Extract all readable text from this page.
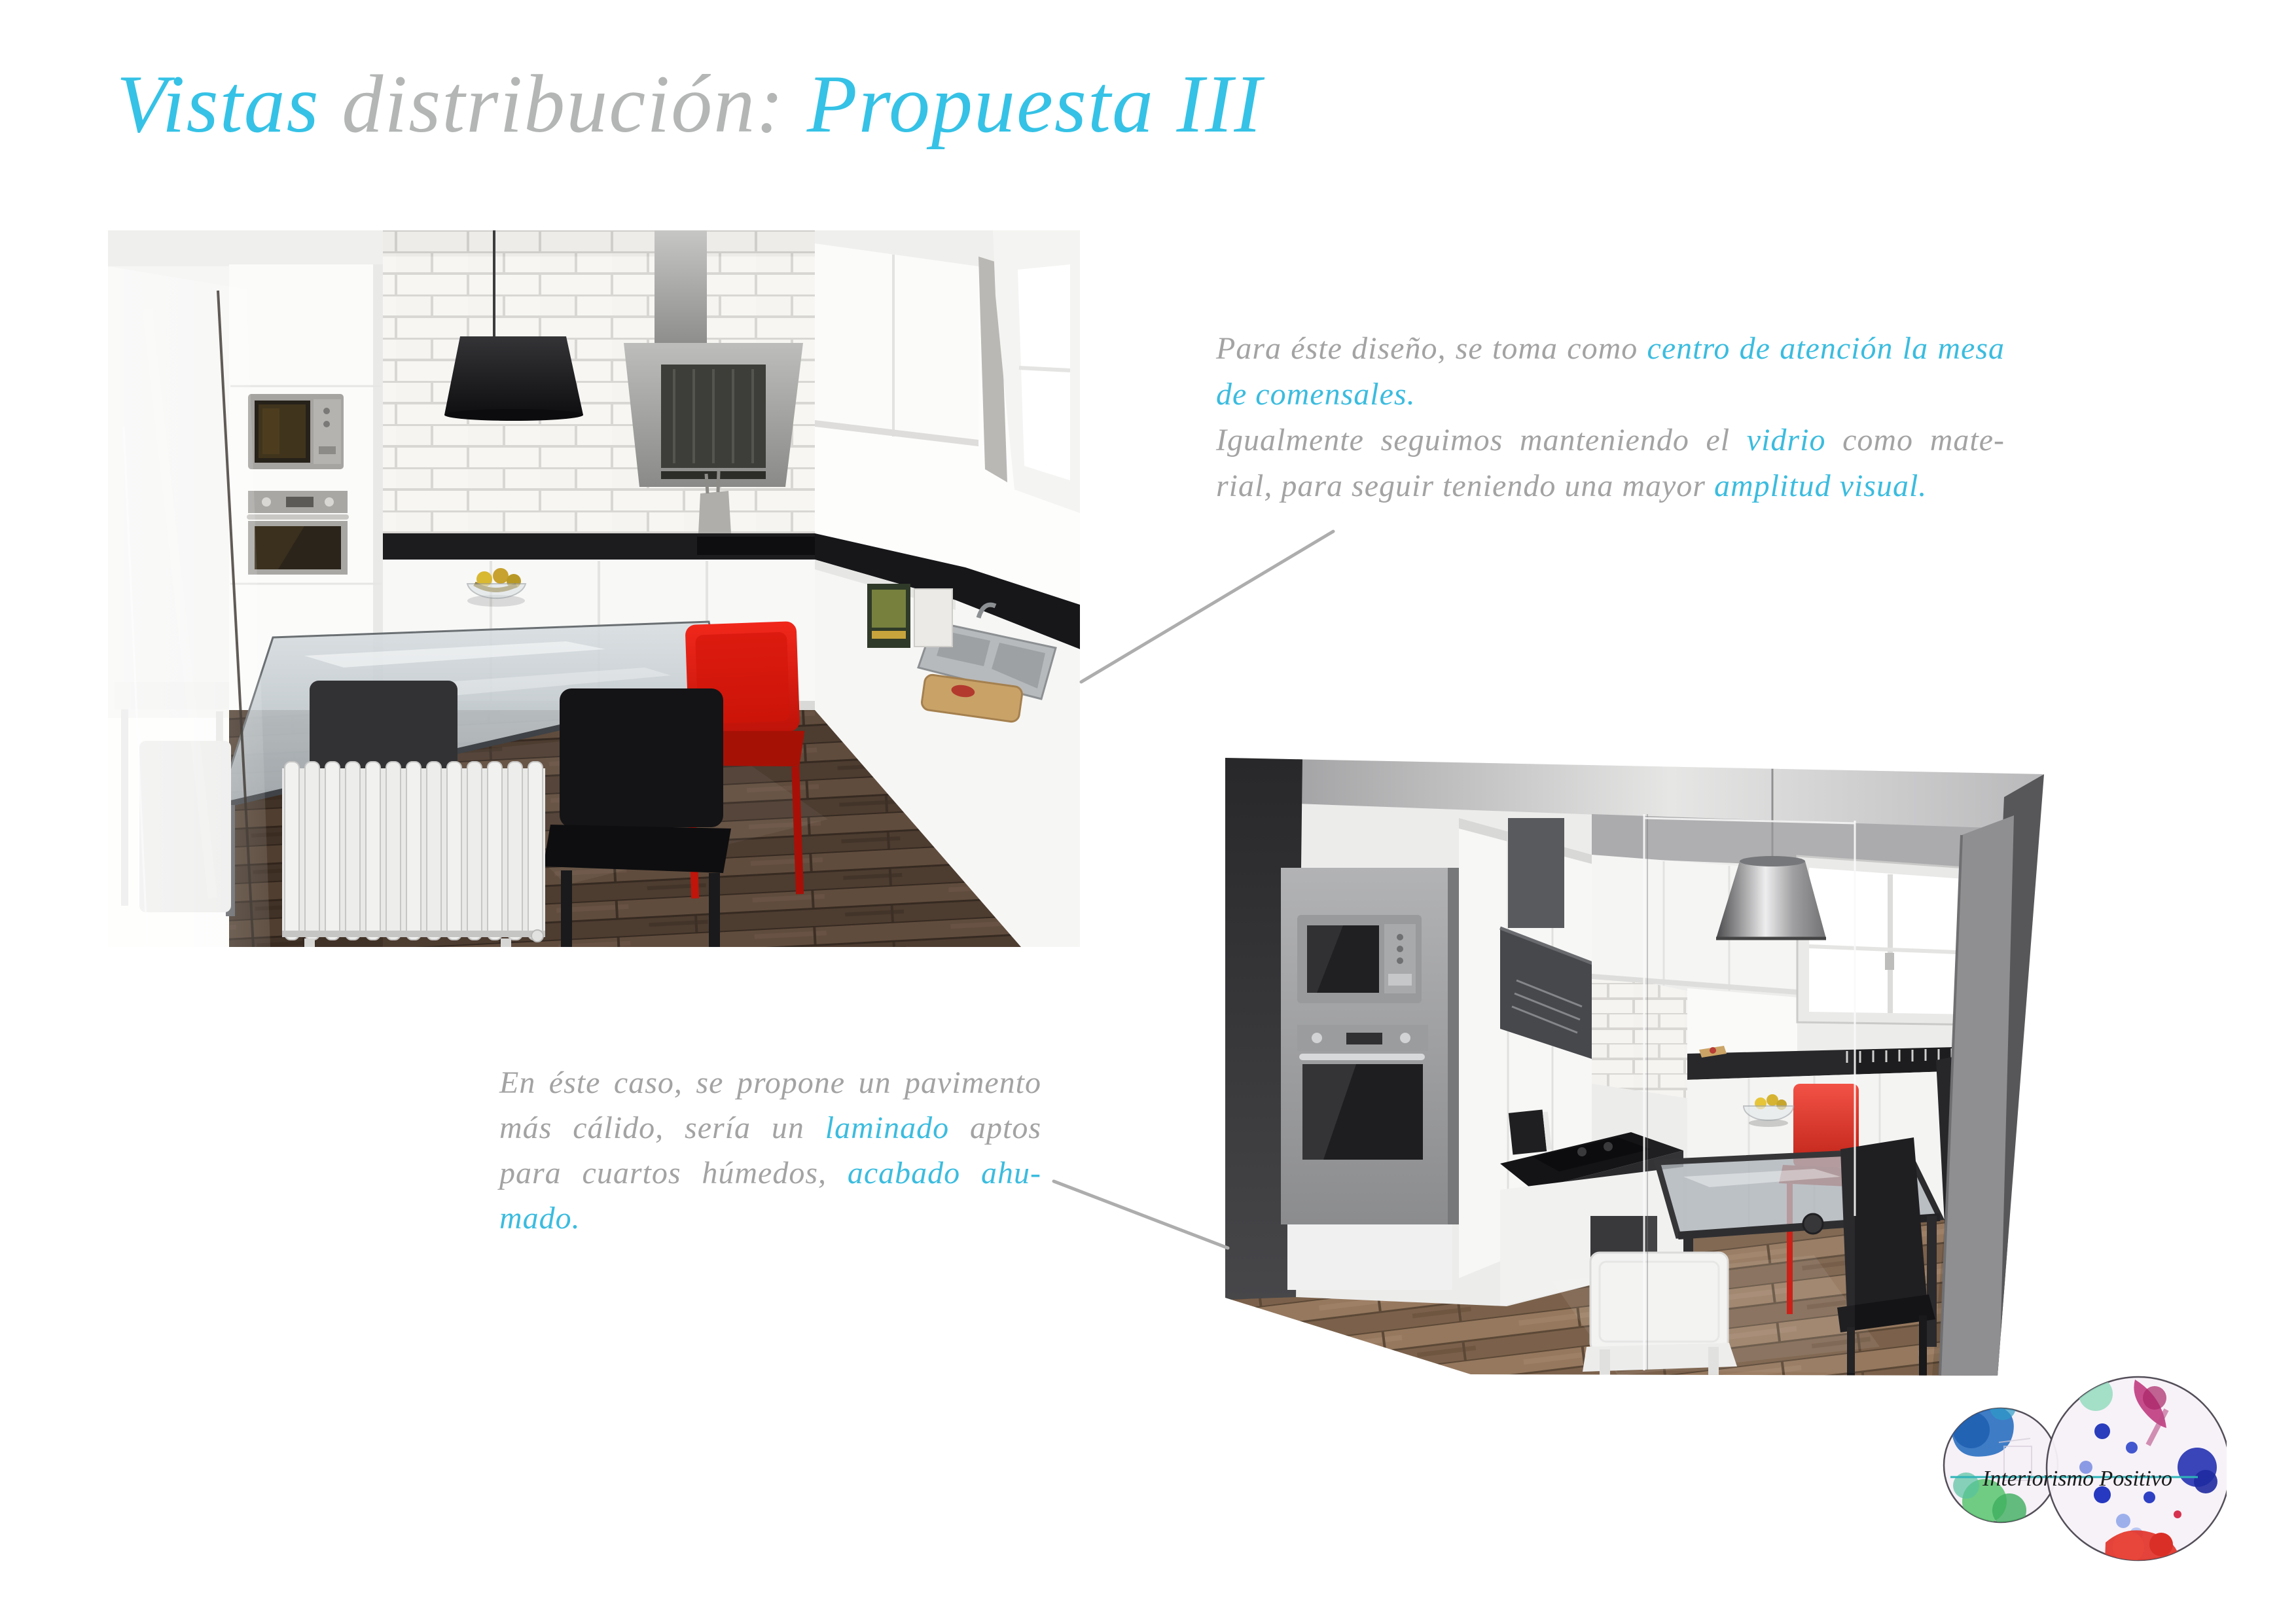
Vistas distribución: Propuesta III
Para éste diseño, se toma como centro de atención la mesa
de comensales.
Igualmente seguimos manteniendo el vidrio como mate-
rial, para seguir teniendo una mayor amplitud visual.
En éste caso, se propone un pavimento
más cálido, sería un laminado aptos
para cuartos húmedos, acabado ahu-
mado.
Interiorismo Positivo
